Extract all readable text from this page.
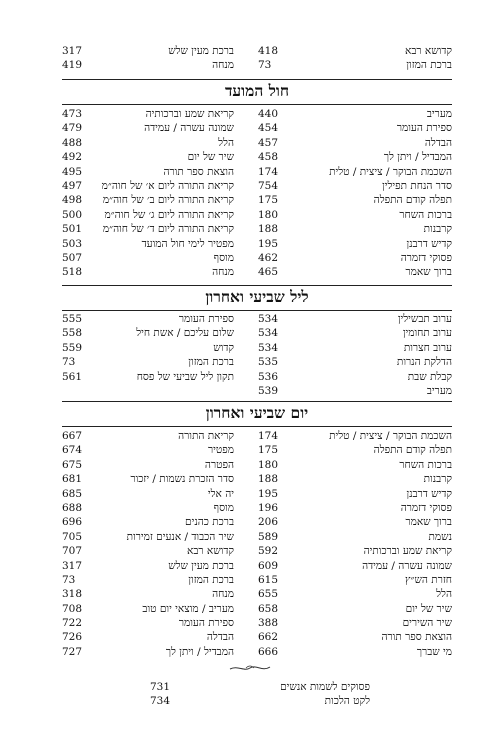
קדושא רבא
418
ברכת מעין שלש
317
ברכת המזון
73
מנחה
419
חול המועד
מעריב
440
קריאת שמע וברכותיה
473
ספירת העומר
454
שמונה עשרה / עמידה
479
הבדלה
457
הלל
488
המבדיל / ויתן לך
458
שיר של יום
492
השכמת הבוקר / ציצית / טלית
174
הוצאת ספר תורה
495
סדר הנחת תפילין
754
קריאת התורה ליום א׳ של חוה״מ
497
תפלה קודם התפלה
175
קריאת התורה ליום ב׳ של חוה״מ
498
ברכות השחר
180
קריאת התורה ליום ג׳ של חוה״מ
500
קרבנות
188
קריאת התורה ליום ד׳ של חוה״מ
501
קדיש דרבנן
195
מפטיר לימי חול המועד
503
פסוקי דזמרה
462
מוסף
507
ברוך שאמר
465
מנחה
518
ליל שביעי ואחרון
ערוב תבשילין
534
ספירת העומר
555
ערוב תחומין
534
שלום עליכם / אשת חיל
558
ערוב חצרות
534
קדוש
559
הדלקת הנרות
535
ברכת המזון
73
קבלת שבת
536
תקון ליל שביעי של פסח
561
מעריב
539
יום שביעי ואחרון
השכמת הבוקר / ציצית / טלית
174
קריאת התורה
667
תפלה קודם התפלה
175
מפטיר
674
ברכות השחר
180
הפטרה
675
קרבנות
188
סדר הזכרת נשמות / יזכור
681
קדיש דרבנן
195
יה אלי
685
פסוקי דזמרה
196
מוסף
688
ברוך שאמר
206
ברכת כהנים
696
נשמת
589
שיר הכבוד / אנעים זמירות
705
קריאת שמע וברכותיה
592
קדושא רבא
707
שמונה עשרה / עמידה
609
ברכת מעין שלש
317
חזרת הש״ץ
615
ברכת המזון
73
הלל
655
מנחה
318
שיר של יום
658
מעריב / מוצאי יום טוב
708
שיר השירים
388
ספירת העומר
722
הוצאת ספר תורה
662
הבדלה
726
מי שברך
666
המבדיל / ויתן לך
727
פסוקים לשמות אנשים
731
לקט הלכות
734
